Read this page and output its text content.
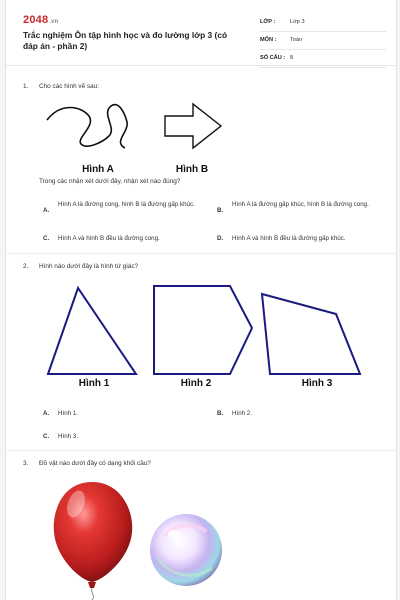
2048.vn
Trắc nghiệm Ôn tập hình học và đo lường lớp 3 (có đáp án - phần 2)
LỚP :	Lớp 3
MÔN : Toán
SỐ CÂU : 8
1. Cho các hình vẽ sau:
Hình A	Hình B
Trong các nhận xét dưới đây, nhận xét nào đúng?
A.
Hình A là đường cong, hình B là đường gấp khúc.
B.
Hình A là đường gấp khúc, hình B là đường cong.
C. Hình A và hình B đều là đường cong.	D. Hình A và hình B đều là đường gấp khúc.
2. Hình nào dưới đây là hình tứ giác?
Hình 1	Hình 2	Hình 3
A. Hình 1.	B. Hình 2.
C. Hình 3.
3. Đồ vật nào dưới đây có dạng khối cầu?
